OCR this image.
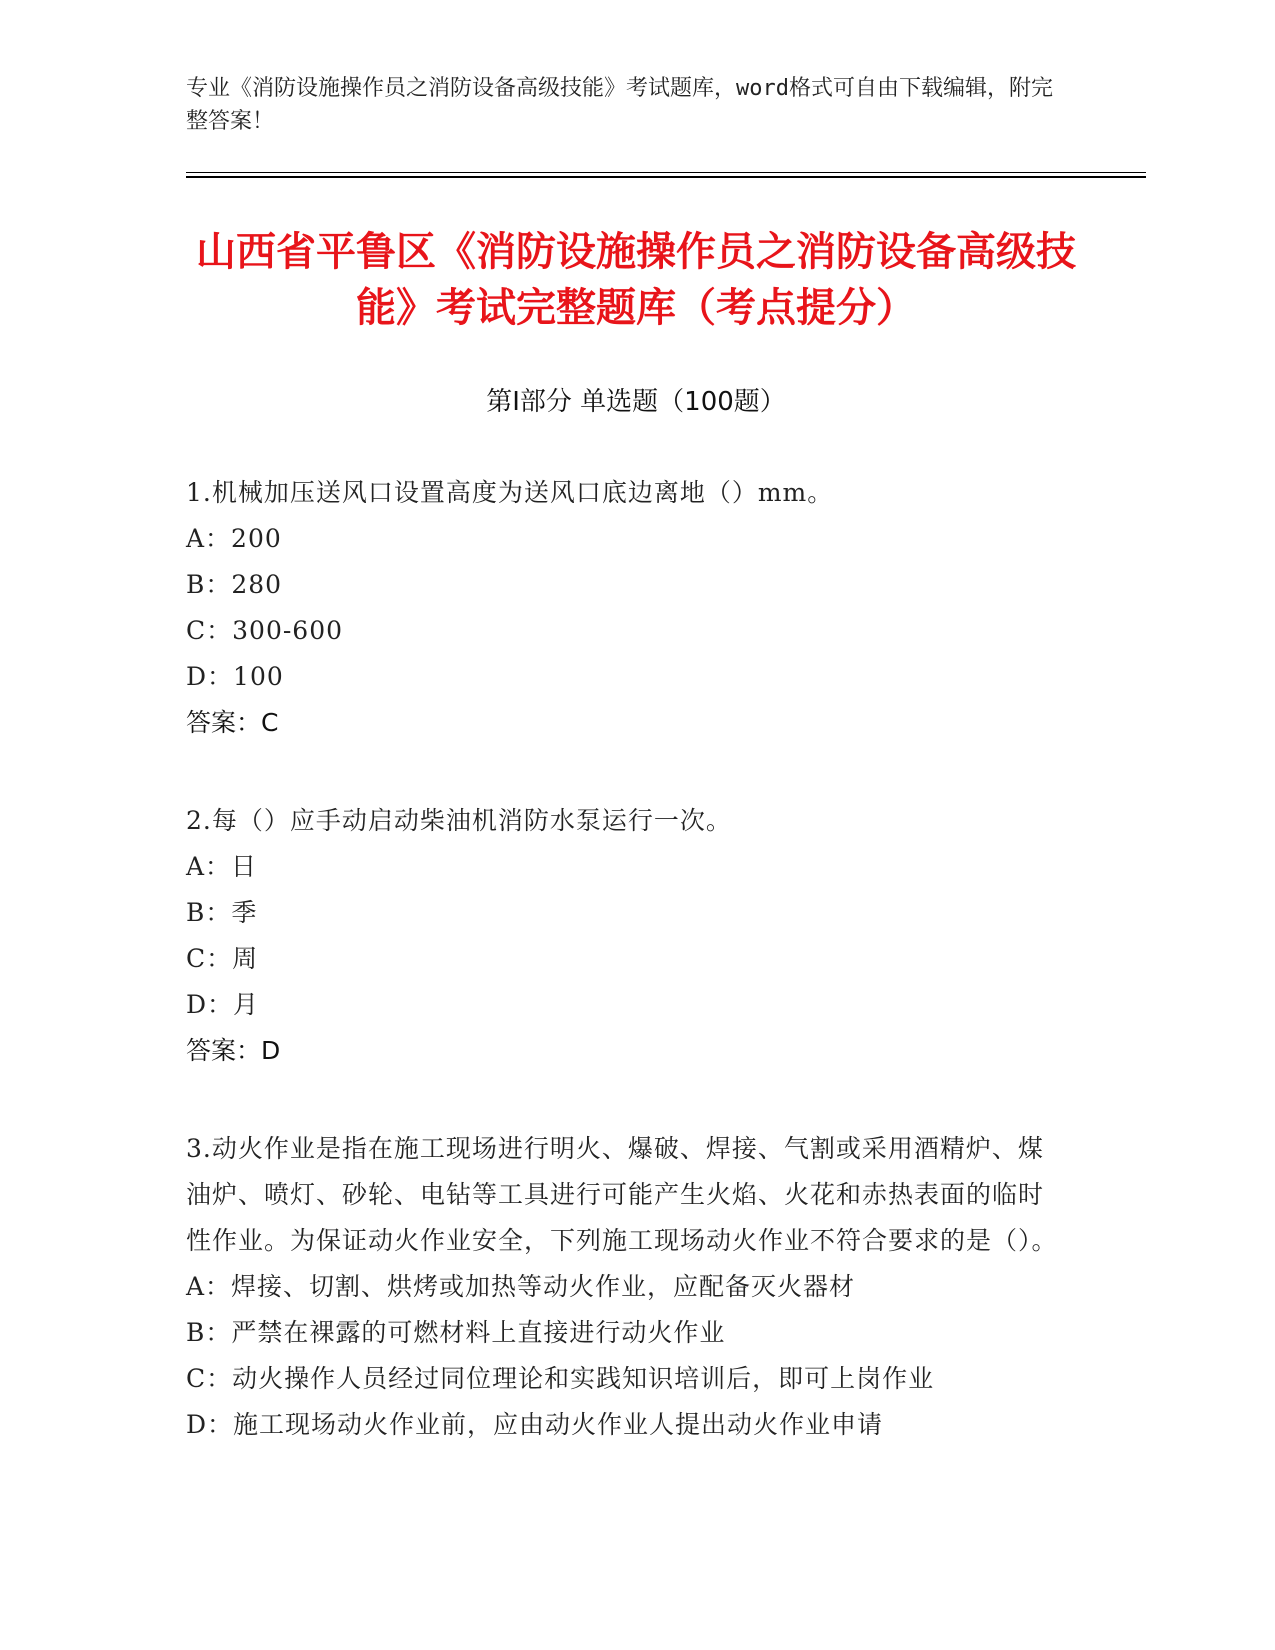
专业《消防设施操作员之消防设备高级技能》考试题库，word格式可自由下载编辑，附完整答案！
山西省平鲁区《消防设施操作员之消防设备高级技能》考试完整题库（考点提分）
第Ⅰ部分 单选题（100题）
1.机械加压送风口设置高度为送风口底边离地（）mm。
A：200
B：280
C：300-600
D：100
答案：C
2.每（）应手动启动柴油机消防水泵运行一次。
A：日
B：季
C：周
D：月
答案：D
3.动火作业是指在施工现场进行明火、爆破、焊接、气割或采用酒精炉、煤油炉、喷灯、砂轮、电钻等工具进行可能产生火焰、火花和赤热表面的临时性作业。为保证动火作业安全，下列施工现场动火作业不符合要求的是（）。
A：焊接、切割、烘烤或加热等动火作业，应配备灭火器材
B：严禁在裸露的可燃材料上直接进行动火作业
C：动火操作人员经过同位理论和实践知识培训后，即可上岗作业
D：施工现场动火作业前，应由动火作业人提出动火作业申请
